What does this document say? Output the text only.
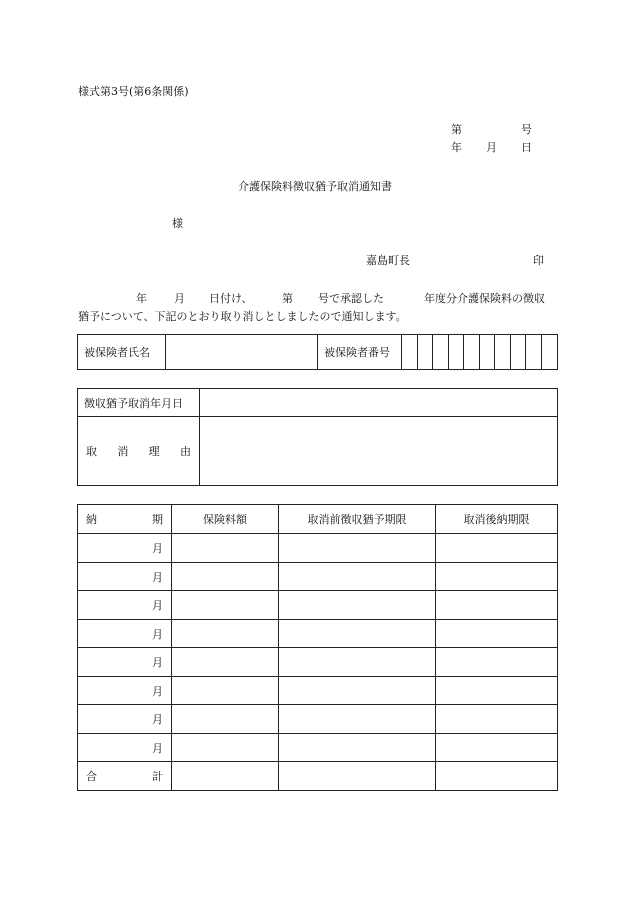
様式第3号(第6条関係)
第	号
年 月 日
介護保険料徴収猶予取消通知書
様
嘉島町長	印
年 月 日付け、	第 号で承認した	年度分介護保険料の徴収
猶予について、下記のとおり取り消しとしましたので通知します。
被保険者氏名		被保険者番号										
徴収猶予取消年月日	

取 消 理 由	

納 期	保険料額	取消前徴収猶予期限	取消後納期限
月			
月			
月			
月			
月			
月			
月			
月			

合 計			
